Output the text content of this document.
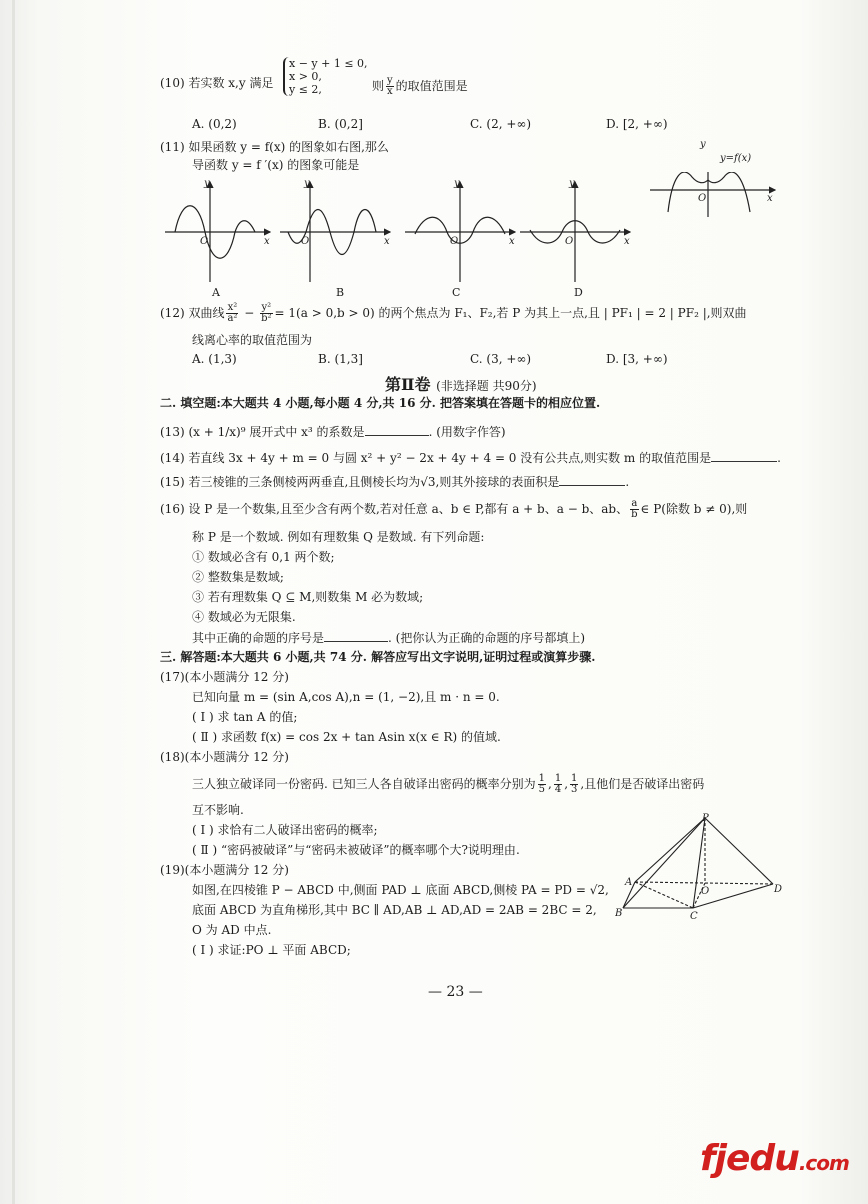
(10) 若实数 x,y 满足
x − y + 1 ≤ 0,
x > 0,
y ≤ 2,	则 $\frac{y}{x}$ 的取值范围是
A. (0,2)	B. (0,2]	C. (2, +∞)	D. [2, +∞)
(11) 如果函数 y = f(x) 的图象如右图,那么
导函数 y = f ′(x) 的图象可能是
y
x
O
y
x
O
y
x
O
y
x
O
A	B	C	D
x
O
y
y=f(x)
(12) 双曲线 $\frac{\text{x²}}{\text{a²}} - \frac{\text{y²}}{\text{b²}} = 1(a > 0,b > 0)$ 的两个焦点为 F₁、F₂,若 P 为其上一点,且 | PF₁ | = 2 | PF₂ |,则双曲
线离心率的取值范围为
A. (1,3)	B. (1,3]	C. (3, +∞)	D. [3, +∞)
第Ⅱ卷 (非选择题 共90分)
二. 填空题:本大题共 4 小题,每小题 4 分,共 16 分. 把答案填在答题卡的相应位置.
(13) (x + 1/x)⁹ 展开式中 x³ 的系数是	. (用数字作答)
(14) 若直线 3x + 4y + m = 0 与圆 x² + y² − 2x + 4y + 4 = 0 没有公共点,则实数 m 的取值范围是	.
(15) 若三棱锥的三条侧棱两两垂直,且侧棱长均为√3,则其外接球的表面积是	.
(16) 设 P 是一个数集,且至少含有两个数,若对任意 a、b ∈ P,都有 a + b、a − b、ab、 $\frac{a}{b}$ ∈ P(除数 b ≠ 0),则
称 P 是一个数域. 例如有理数集 Q 是数域. 有下列命题:
① 数域必含有 0,1 两个数;
② 整数集是数域;
③ 若有理数集 Q ⊆ M,则数集 M 必为数域;
④ 数域必为无限集.
其中正确的命题的序号是	. (把你认为正确的命题的序号都填上)
三. 解答题:本大题共 6 小题,共 74 分. 解答应写出文字说明,证明过程或演算步骤.
(17)(本小题满分 12 分)
已知向量 m = (sin A,cos A),n = (1, −2),且 m · n = 0.
( Ⅰ ) 求 tan A 的值;
( Ⅱ ) 求函数 f(x) = cos 2x + tan Asin x(x ∈ R) 的值域.
(18)(本小题满分 12 分)
三人独立破译同一份密码. 已知三人各自破译出密码的概率分别为 $\frac{1}{5}$ , $\frac{1}{4}$ , $\frac{1}{3}$ ,且他们是否破译出密码
互不影响.
( Ⅰ ) 求恰有二人破译出密码的概率;
( Ⅱ ) “密码被破译”与“密码未被破译”的概率哪个大?说明理由.
(19)(本小题满分 12 分)
如图,在四棱锥 P − ABCD 中,侧面 PAD ⊥ 底面 ABCD,侧棱 PA = PD = √2,
底面 ABCD 为直角梯形,其中 BC ∥ AD,AB ⊥ AD,AD = 2AB = 2BC = 2,
O 为 AD 中点.
( Ⅰ ) 求证:PO ⊥ 平面 ABCD;
P
A
B	C
D
O
— 23 —
fjedu.com
